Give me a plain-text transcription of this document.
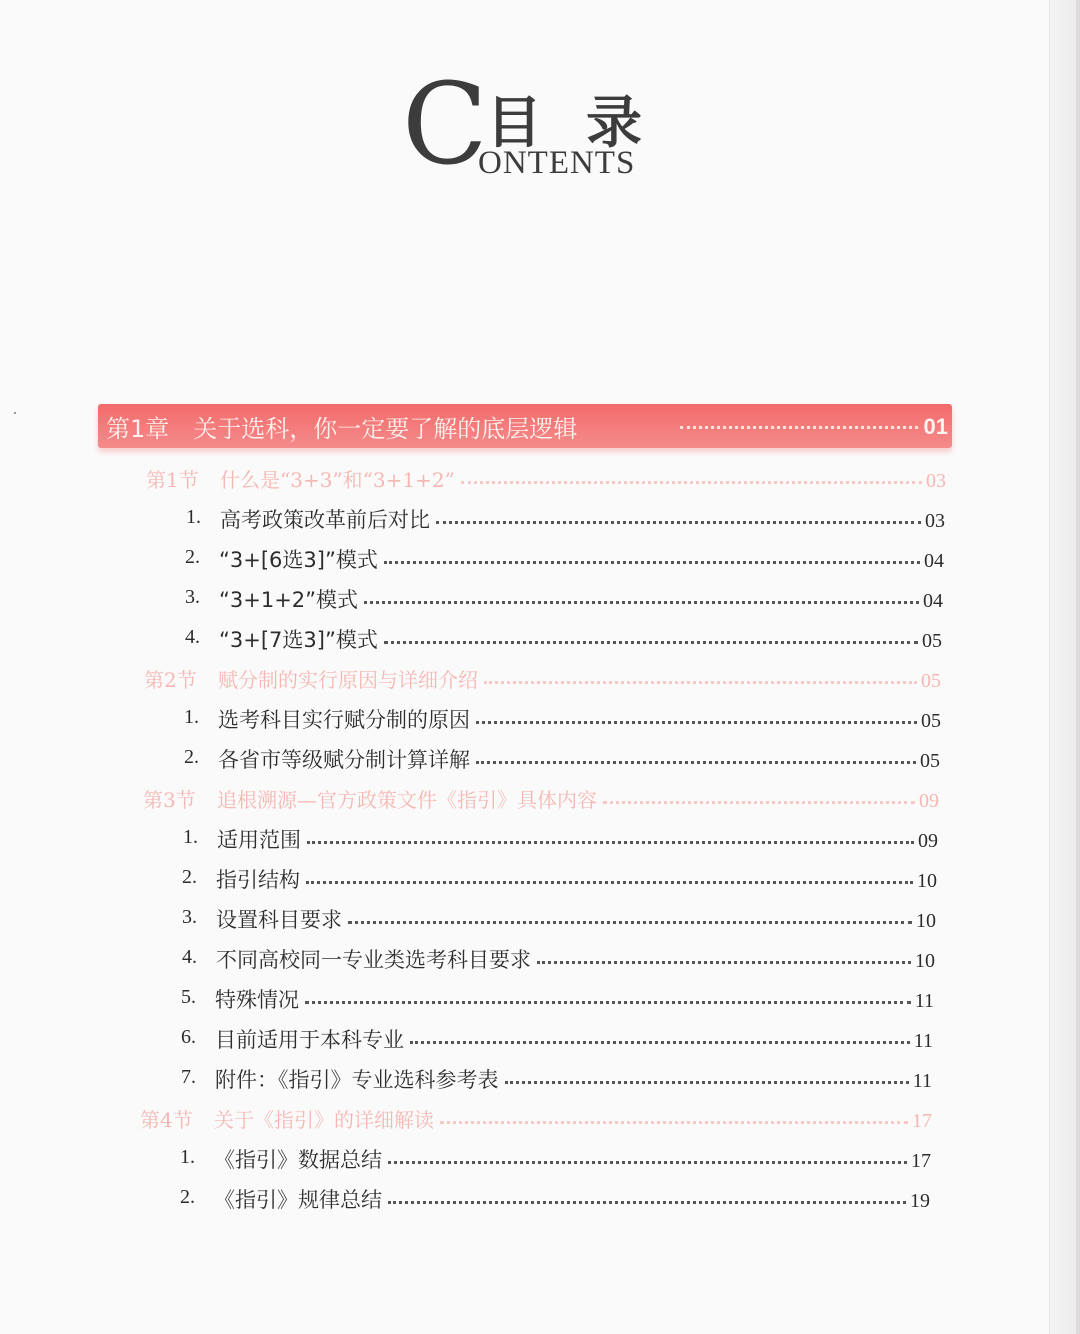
C
目录
ONTENTS
第1章　关于选科，你一定要了解的底层逻辑	01
第1节 什么是“3+3”和“3+1+2”	03
1. 高考政策改革前后对比	03
2. “3+[6选3]”模式	04
3. “3+1+2”模式	04
4. “3+[7选3]”模式	05
第2节 赋分制的实行原因与详细介绍	05
1. 选考科目实行赋分制的原因	05
2. 各省市等级赋分制计算详解	05
第3节 追根溯源—官方政策文件《指引》具体内容	09
1. 适用范围	09
2. 指引结构	10
3. 设置科目要求	10
4. 不同高校同一专业类选考科目要求	10
5. 特殊情况	11
6. 目前适用于本科专业	11
7. 附件：《指引》专业选科参考表	11
第4节 关于《指引》的详细解读	17
1. 《指引》数据总结	17
2. 《指引》规律总结	19
